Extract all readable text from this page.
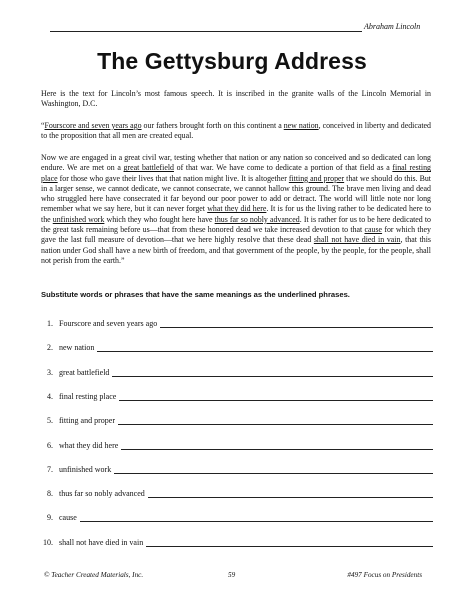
Abraham Lincoln
The Gettysburg Address
Here is the text for Lincoln’s most famous speech. It is inscribed in the granite walls of the Lincoln Memorial in Washington, D.C.
“Fourscore and seven years ago our fathers brought forth on this continent a new nation, conceived in liberty and dedicated to the proposition that all men are created equal.
Now we are engaged in a great civil war, testing whether that nation or any nation so conceived and so dedicated can long endure. We are met on a great battlefield of that war. We have come to dedicate a portion of that field as a final resting place for those who gave their lives that that nation might live. It is altogether fitting and proper that we should do this. But in a larger sense, we cannot dedicate, we cannot consecrate, we cannot hallow this ground. The brave men living and dead who struggled here have consecrated it far beyond our poor power to add or detract. The world will little note nor long remember what we say here, but it can never forget what they did here. It is for us the living rather to be dedicated here to the unfinished work which they who fought here have thus far so nobly advanced. It is rather for us to be here dedicated to the great task remaining before us—that from these honored dead we take increased devotion to that cause for which they gave the last full measure of devotion—that we here highly resolve that these dead shall not have died in vain, that this nation under God shall have a new birth of freedom, and that government of the people, by the people, for the people, shall not perish from the earth.”
Substitute words or phrases that have the same meanings as the underlined phrases.
1. Fourscore and seven years ago
2. new nation
3. great battlefield
4. final resting place
5. fitting and proper
6. what they did here
7. unfinished work
8. thus far so nobly advanced
9. cause
10. shall not have died in vain
© Teacher Created Materials, Inc.	59	#497 Focus on Presidents
